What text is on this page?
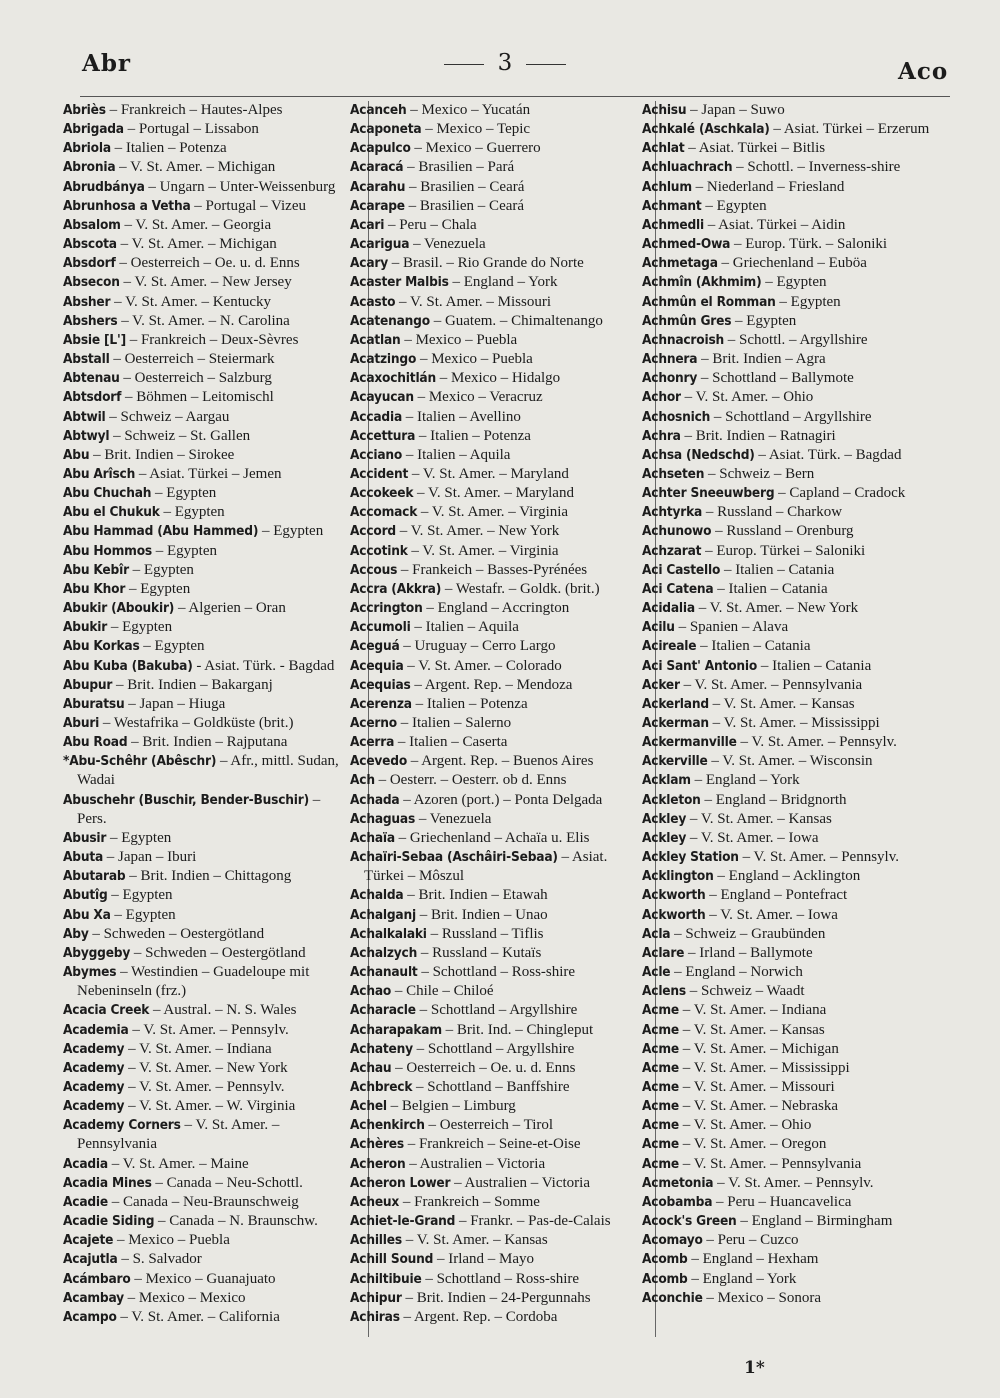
Abr	3	Aco
Abriès – Frankreich – Hautes-Alpes
Abrigada – Portugal – Lissabon
Abriola – Italien – Potenza
Abronia – V. St. Amer. – Michigan
Abrudbánya – Ungarn – Unter-Weissenburg
Abrunhosa a Vetha – Portugal – Vizeu
Absalom – V. St. Amer. – Georgia
Abscota – V. St. Amer. – Michigan
Absdorf – Oesterreich – Oe. u. d. Enns
Absecon – V. St. Amer. – New Jersey
Absher – V. St. Amer. – Kentucky
Abshers – V. St. Amer. – N. Carolina
Absie [L'] – Frankreich – Deux-Sèvres
Abstall – Oesterreich – Steiermark
Abtenau – Oesterreich – Salzburg
Abtsdorf – Böhmen – Leitomischl
Abtwil – Schweiz – Aargau
Abtwyl – Schweiz – St. Gallen
Abu – Brit. Indien – Sirokee
Abu Arîsch – Asiat. Türkei – Jemen
Abu Chuchah – Egypten
Abu el Chukuk – Egypten
Abu Hammad (Abu Hammed) – Egypten
Abu Hommos – Egypten
Abu Kebîr – Egypten
Abu Khor – Egypten
Abukir (Aboukir) – Algerien – Oran
Abukir – Egypten
Abu Korkas – Egypten
Abu Kuba (Bakuba) - Asiat. Türk. - Bagdad
Abupur – Brit. Indien – Bakarganj
Aburatsu – Japan – Hiuga
Aburi – Westafrika – Goldküste (brit.)
Abu Road – Brit. Indien – Rajputana
*Abu-Schêhr (Abêschr) – Afr., mittl. Sudan, Wadai
Abuschehr (Buschir, Bender-Buschir) – Pers.
Abusir – Egypten
Abuta – Japan – Iburi
Abutarab – Brit. Indien – Chittagong
Abutîg – Egypten
Abu Xa – Egypten
Aby – Schweden – Oestergötland
Abyggeby – Schweden – Oestergötland
Abymes – Westindien – Guadeloupe mit Nebeninseln (frz.)
Acacia Creek – Austral. – N. S. Wales
Academia – V. St. Amer. – Pennsylv.
Academy – V. St. Amer. – Indiana
Academy – V. St. Amer. – New York
Academy – V. St. Amer. – Pennsylv.
Academy – V. St. Amer. – W. Virginia
Academy Corners – V. St. Amer. – Pennsylvania
Acadia – V. St. Amer. – Maine
Acadia Mines – Canada – Neu-Schottl.
Acadie – Canada – Neu-Braunschweig
Acadie Siding – Canada – N. Braunschw.
Acajete – Mexico – Puebla
Acajutla – S. Salvador
Acámbaro – Mexico – Guanajuato
Acambay – Mexico – Mexico
Acampo – V. St. Amer. – California
Acanceh – Mexico – Yucatán
Acaponeta – Mexico – Tepic
Acapulco – Mexico – Guerrero
Acaracá – Brasilien – Pará
Acarahu – Brasilien – Ceará
Acarape – Brasilien – Ceará
Acari – Peru – Chala
Acarigua – Venezuela
Acary – Brasil. – Rio Grande do Norte
Acaster Malbis – England – York
Acasto – V. St. Amer. – Missouri
Acatenango – Guatem. – Chimaltenango
Acatlan – Mexico – Puebla
Acatzingo – Mexico – Puebla
Acaxochitlán – Mexico – Hidalgo
Acayucan – Mexico – Veracruz
Accadia – Italien – Avellino
Accettura – Italien – Potenza
Acciano – Italien – Aquila
Accident – V. St. Amer. – Maryland
Accokeek – V. St. Amer. – Maryland
Accomack – V. St. Amer. – Virginia
Accord – V. St. Amer. – New York
Accotink – V. St. Amer. – Virginia
Accous – Frankeich – Basses-Pyrénées
Accra (Akkra) – Westafr. – Goldk. (brit.)
Accrington – England – Accrington
Accumoli – Italien – Aquila
Aceguá – Uruguay – Cerro Largo
Acequia – V. St. Amer. – Colorado
Acequias – Argent. Rep. – Mendoza
Acerenza – Italien – Potenza
Acerno – Italien – Salerno
Acerra – Italien – Caserta
Acevedo – Argent. Rep. – Buenos Aires
Ach – Oesterr. – Oesterr. ob d. Enns
Achada – Azoren (port.) – Ponta Delgada
Achaguas – Venezuela
Achaïa – Griechenland – Achaïa u. Elis
Achaïri-Sebaa (Aschâiri-Sebaa) – Asiat. Türkei – Môszul
Achalda – Brit. Indien – Etawah
Achalganj – Brit. Indien – Unao
Achalkalaki – Russland – Tiflis
Achalzych – Russland – Kutaïs
Achanault – Schottland – Ross-shire
Achao – Chile – Chiloé
Acharacle – Schottland – Argyllshire
Acharapakam – Brit. Ind. – Chingleput
Achateny – Schottland – Argyllshire
Achau – Oesterreich – Oe. u. d. Enns
Achbreck – Schottland – Banffshire
Achel – Belgien – Limburg
Achenkirch – Oesterreich – Tirol
Achères – Frankreich – Seine-et-Oise
Acheron – Australien – Victoria
Acheron Lower – Australien – Victoria
Acheux – Frankreich – Somme
Achiet-le-Grand – Frankr. – Pas-de-Calais
Achilles – V. St. Amer. – Kansas
Achill Sound – Irland – Mayo
Achiltibuie – Schottland – Ross-shire
Achipur – Brit. Indien – 24-Pergunnahs
Achiras – Argent. Rep. – Cordoba
Achisu – Japan – Suwo
Achkalé (Aschkala) – Asiat. Türkei – Erzerum
Achlat – Asiat. Türkei – Bitlis
Achluachrach – Schottl. – Inverness-shire
Achlum – Niederland – Friesland
Achmant – Egypten
Achmedli – Asiat. Türkei – Aidin
Achmed-Owa – Europ. Türk. – Saloniki
Achmetaga – Griechenland – Euböa
Achmîn (Akhmim) – Egypten
Achmûn el Romman – Egypten
Achmûn Gres – Egypten
Achnacroish – Schottl. – Argyllshire
Achnera – Brit. Indien – Agra
Achonry – Schottland – Ballymote
Achor – V. St. Amer. – Ohio
Achosnich – Schottland – Argyllshire
Achra – Brit. Indien – Ratnagiri
Achsa (Nedschd) – Asiat. Türk. – Bagdad
Achseten – Schweiz – Bern
Achter Sneeuwberg – Capland – Cradock
Achtyrka – Russland – Charkow
Achunowo – Russland – Orenburg
Achzarat – Europ. Türkei – Saloniki
Aci Castello – Italien – Catania
Aci Catena – Italien – Catania
Acidalia – V. St. Amer. – New York
Acilu – Spanien – Alava
Acireale – Italien – Catania
Aci Sant' Antonio – Italien – Catania
Acker – V. St. Amer. – Pennsylvania
Ackerland – V. St. Amer. – Kansas
Ackerman – V. St. Amer. – Mississippi
Ackermanville – V. St. Amer. – Pennsylv.
Ackerville – V. St. Amer. – Wisconsin
Acklam – England – York
Ackleton – England – Bridgnorth
Ackley – V. St. Amer. – Kansas
Ackley – V. St. Amer. – Iowa
Ackley Station – V. St. Amer. – Pennsylv.
Acklington – England – Acklington
Ackworth – England – Pontefract
Ackworth – V. St. Amer. – Iowa
Acla – Schweiz – Graubünden
Aclare – Irland – Ballymote
Acle – England – Norwich
Aclens – Schweiz – Waadt
Acme – V. St. Amer. – Indiana
Acme – V. St. Amer. – Kansas
Acme – V. St. Amer. – Michigan
Acme – V. St. Amer. – Mississippi
Acme – V. St. Amer. – Missouri
Acme – V. St. Amer. – Nebraska
Acme – V. St. Amer. – Ohio
Acme – V. St. Amer. – Oregon
Acme – V. St. Amer. – Pennsylvania
Acmetonia – V. St. Amer. – Pennsylv.
Acobamba – Peru – Huancavelica
Acock's Green – England – Birmingham
Acomayo – Peru – Cuzco
Acomb – England – Hexham
Acomb – England – York
Aconchie – Mexico – Sonora
1*
